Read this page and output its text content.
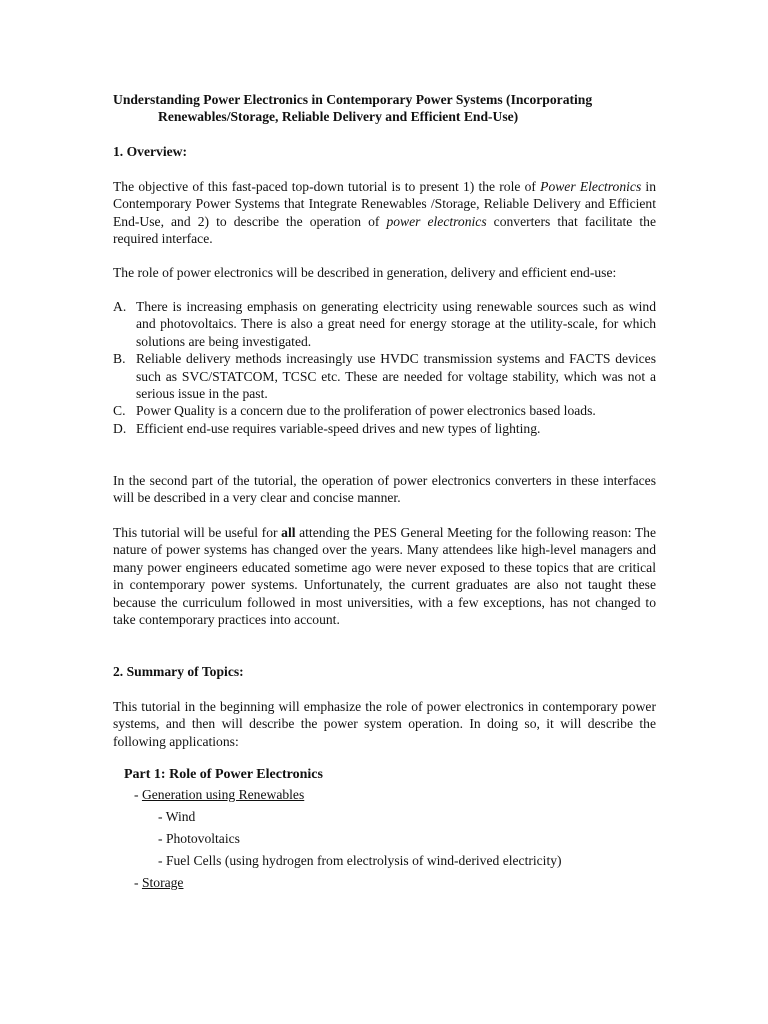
Understanding Power Electronics in Contemporary Power Systems (Incorporating
Renewables/Storage, Reliable Delivery and Efficient End-Use)

1. Overview:

The objective of this fast-paced top-down tutorial is to present 1) the role of Power Electronics in Contemporary Power Systems that Integrate Renewables /Storage, Reliable Delivery and Efficient End-Use, and 2) to describe the operation of power electronics converters that facilitate the required interface.

The role of power electronics will be described in generation, delivery and efficient end-use:

A. There is increasing emphasis on generating electricity using renewable sources such as wind and photovoltaics. There is also a great need for energy storage at the utility-scale, for which solutions are being investigated.
B. Reliable delivery methods increasingly use HVDC transmission systems and FACTS devices such as SVC/STATCOM, TCSC etc. These are needed for voltage stability, which was not a serious issue in the past.
C. Power Quality is a concern due to the proliferation of power electronics based loads.
D. Efficient end-use requires variable-speed drives and new types of lighting.

In the second part of the tutorial, the operation of power electronics converters in these interfaces will be described in a very clear and concise manner.

This tutorial will be useful for all attending the PES General Meeting for the following reason: The nature of power systems has changed over the years. Many attendees like high-level managers and many power engineers educated sometime ago were never exposed to these topics that are critical in contemporary power systems. Unfortunately, the current graduates are also not taught these because the curriculum followed in most universities, with a few exceptions, has not changed to take contemporary practices into account.

2. Summary of Topics:

This tutorial in the beginning will emphasize the role of power electronics in contemporary power systems, and then will describe the power system operation. In doing so, it will describe the following applications:

Part 1: Role of Power Electronics

- Generation using Renewables

- Wind

- Photovoltaics

- Fuel Cells (using hydrogen from electrolysis of wind-derived electricity)

- Storage
